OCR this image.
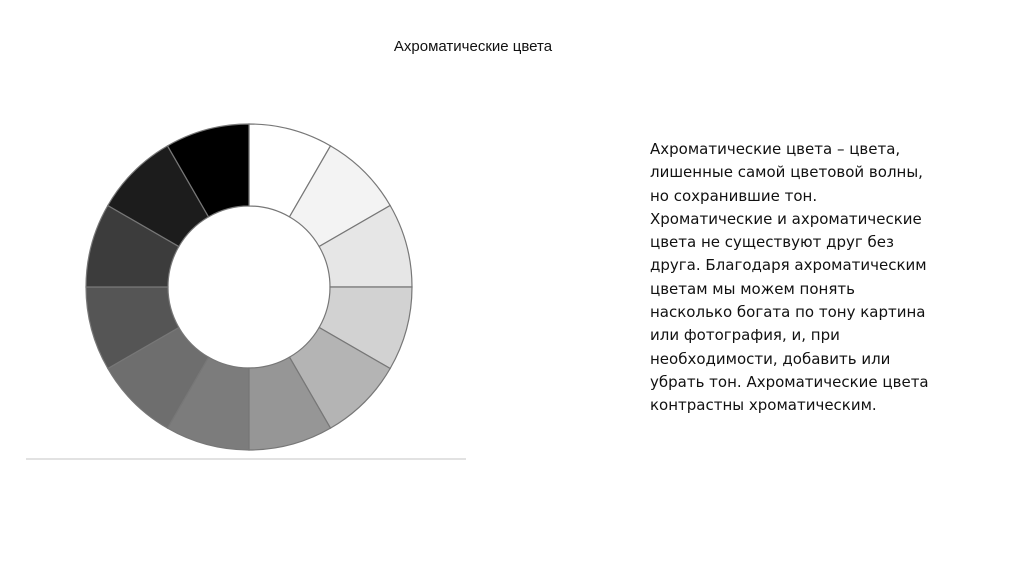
Ахроматические цвета
Ахроматические цвета – цвета,
лишенные самой цветовой волны,
но сохранившие тон.
Хроматические и ахроматические
цвета не существуют друг без
друга. Благодаря ахроматическим
цветам мы можем понять
насколько богата по тону картина
или фотография, и, при
необходимости, добавить или
убрать тон. Ахроматические цвета
контрастны хроматическим.
